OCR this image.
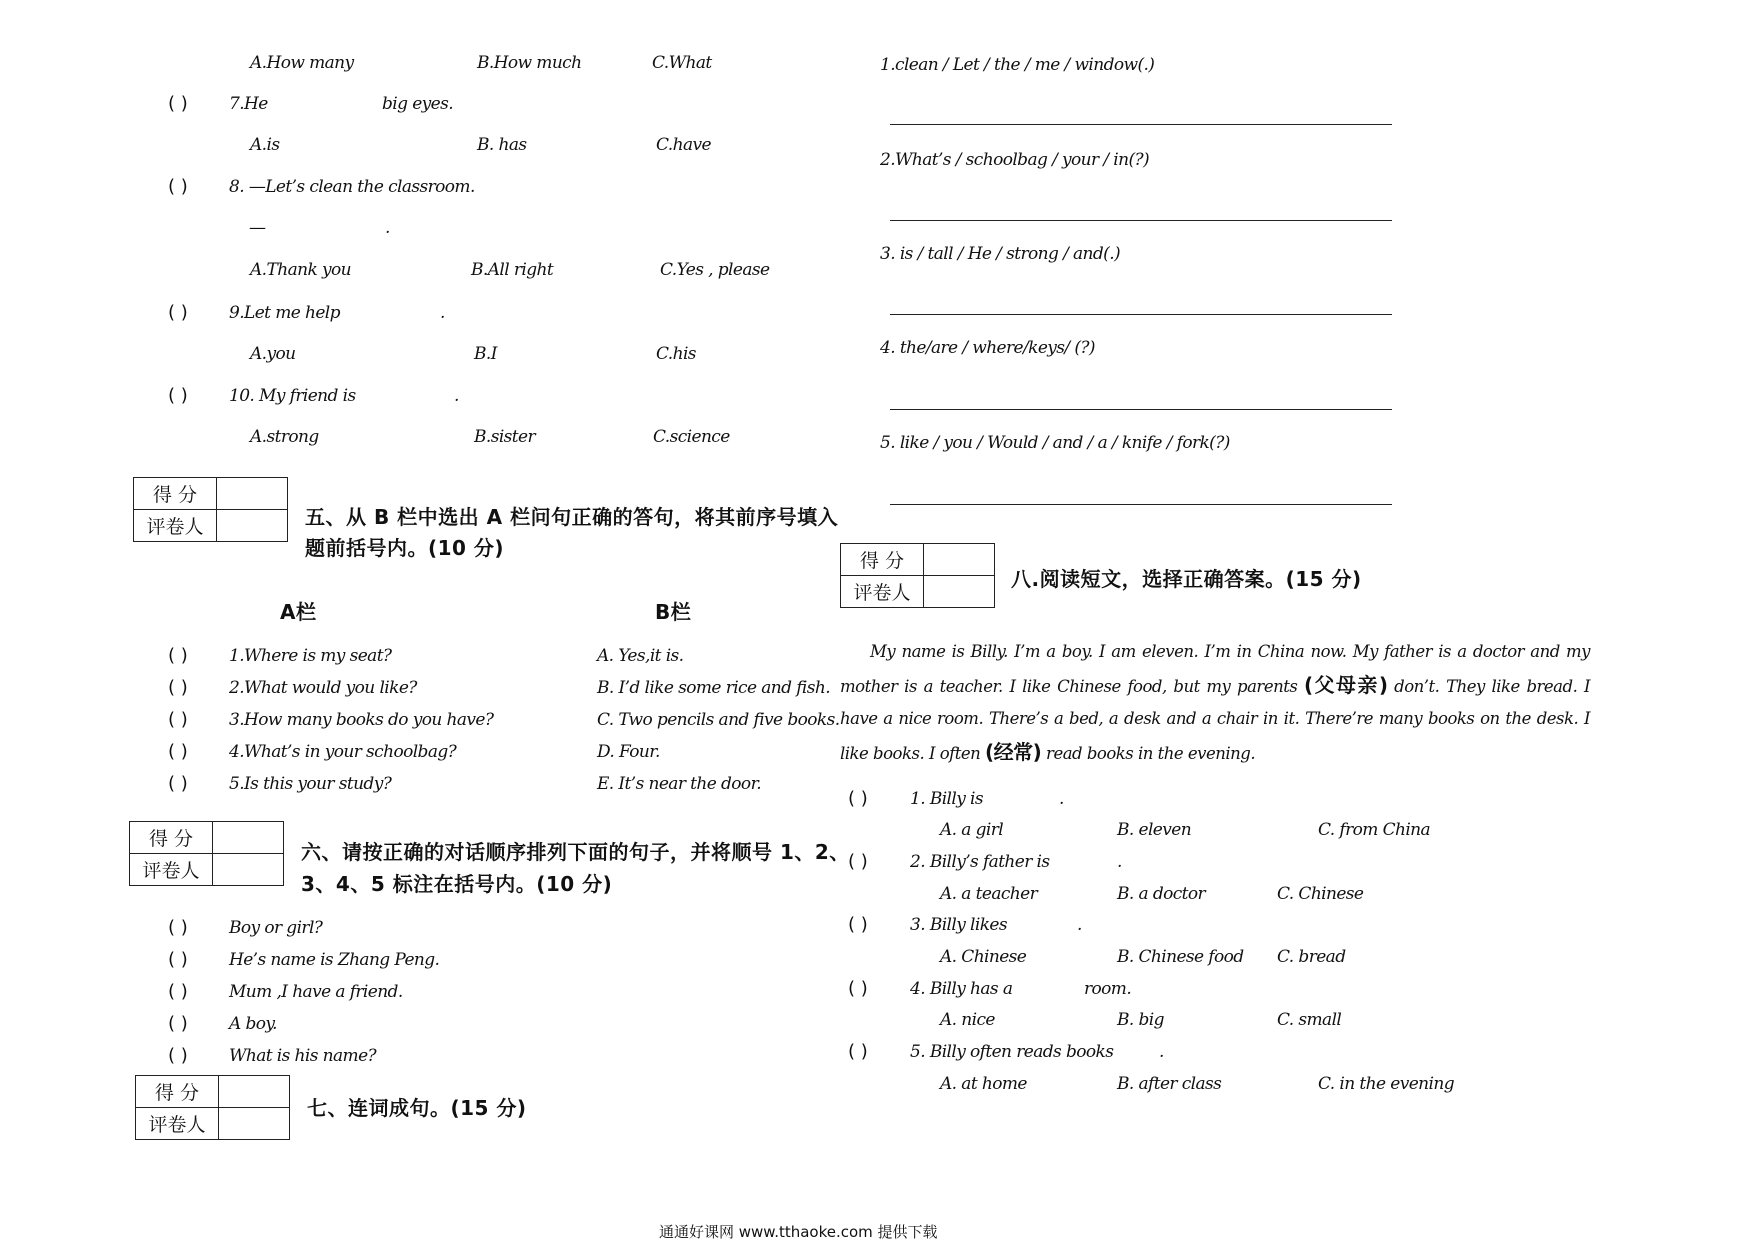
A.How many	B.How much	C.What
( ) 7.He	big eyes.
A.is	B. has	C.have
( ) 8. —Let’s clean the classroom.
—	.
A.Thank you	B.All right	C.Yes , please
( ) 9.Let me help	.
A.you	B.I	C.his
( ) 10. My friend is	.
A.strong	B.sister	C.science
得 分	
评卷人		五、从 B 栏中选出 A 栏问句正确的答句，将其前序号填入
题前括号内。(10 分)
A栏	B栏
( ) 1.Where is my seat?	A. Yes,it is.
( ) 2.What would you like?	B. I’d like some rice and fish.
( ) 3.How many books do you have?	C. Two pencils and five books.
( ) 4.What’s in your schoolbag?	D. Four.
( ) 5.Is this your study?	E. It’s near the door.
得 分	
评卷人	
六、请按正确的对话顺序排列下面的句子，并将顺号 1、2、
3、4、5 标注在括号内。(10 分)
( ) Boy or girl?
( ) He’s name is Zhang Peng.
( ) Mum ,I have a friend.
( ) A boy.
( ) What is his name?
得 分	
评卷人	
七、连词成句。(15 分)
1.clean / Let / the / me / window(.)
2.What’s / schoolbag / your / in(?)
3. is / tall / He / strong / and(.)
4. the/are / where/keys/ (?)
5. like / you / Would / and / a / knife / fork(?)
得 分	
评卷人	
八.阅读短文，选择正确答案。(15 分)
My name is Billy. I’m a boy. I am eleven. I’m in China now. My father is a doctor and my mother is a teacher. I like Chinese food, but my parents (父母亲) don’t. They like bread. I have a nice room. There’s a bed, a desk and a chair in it. There’re many books on the desk. I like books. I often (经常) read books in the evening.
( ) 1. Billy is	.
A. a girl	B. eleven	C. from China
( ) 2. Billy’s father is	.
A. a teacher	B. a doctor	C. Chinese
( ) 3. Billy likes	.
A. Chinese	B. Chinese food C. bread
( ) 4. Billy has a	room.
A. nice	B. big	C. small
( ) 5. Billy often reads books	.
A. at home	B. after class	C. in the evening
通通好课网 www.tthaoke.com 提供下载
